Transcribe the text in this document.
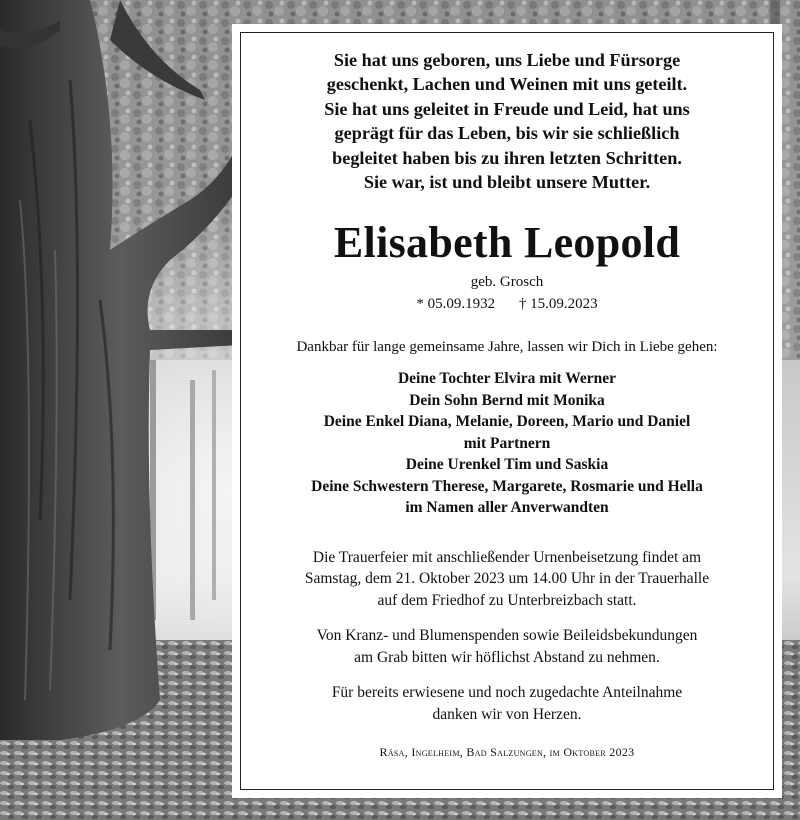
Sie hat uns geboren, uns Liebe und Fürsorge
geschenkt, Lachen und Weinen mit uns geteilt.
Sie hat uns geleitet in Freude und Leid, hat uns
geprägt für das Leben, bis wir sie schließlich
begleitet haben bis zu ihren letzten Schritten.
Sie war, ist und bleibt unsere Mutter.
Elisabeth Leopold
geb. Grosch
* 05.09.1932 † 15.09.2023
Dankbar für lange gemeinsame Jahre, lassen wir Dich in Liebe gehen:
Deine Tochter Elvira mit Werner
Dein Sohn Bernd mit Monika
Deine Enkel Diana, Melanie, Doreen, Mario und Daniel
mit Partnern
Deine Urenkel Tim und Saskia
Deine Schwestern Therese, Margarete, Rosmarie und Hella
im Namen aller Anverwandten
Die Trauerfeier mit anschließender Urnenbeisetzung findet am
Samstag, dem 21. Oktober 2023 um 14.00 Uhr in der Trauerhalle
auf dem Friedhof zu Unterbreizbach statt.
Von Kranz- und Blumenspenden sowie Beileidsbekundungen
am Grab bitten wir höflichst Abstand zu nehmen.
Für bereits erwiesene und noch zugedachte Anteilnahme
danken wir von Herzen.
Räsa, Ingelheim, Bad Salzungen, im Oktober 2023
